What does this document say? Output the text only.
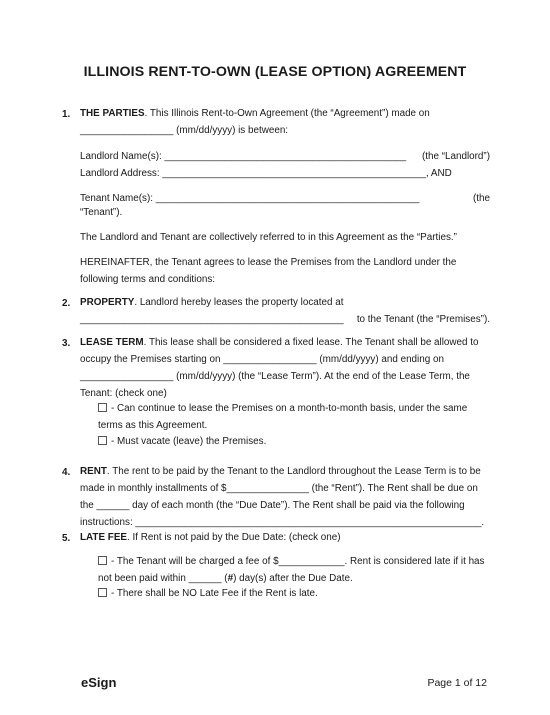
ILLINOIS RENT-TO-OWN (LEASE OPTION) AGREEMENT
1. THE PARTIES. This Illinois Rent-to-Own Agreement (the “Agreement”) made on
_________________ (mm/dd/yyyy) is between:
Landlord Name(s): ____________________________________________ (the “Landlord”)
Landlord Address: ________________________________________________, AND
Tenant Name(s): ________________________________________________	(the
“Tenant”).
The Landlord and Tenant are collectively referred to in this Agreement as the “Parties.”
HEREINAFTER, the Tenant agrees to lease the Premises from the Landlord under the
following terms and conditions:
2. PROPERTY. Landlord hereby leases the property located at
________________________________________________ to the Tenant (the “Premises”).
3. LEASE TERM. This lease shall be considered a fixed lease. The Tenant shall be allowed to
occupy the Premises starting on _________________ (mm/dd/yyyy) and ending on
_________________ (mm/dd/yyyy) (the “Lease Term”). At the end of the Lease Term, the
Tenant: (check one)
- Can continue to lease the Premises on a month-to-month basis, under the same
terms as this Agreement.
- Must vacate (leave) the Premises.
4. RENT. The rent to be paid by the Tenant to the Landlord throughout the Lease Term is to be
made in monthly installments of $_______________ (the “Rent”). The Rent shall be due on
the ______ day of each month (the “Due Date”). The Rent shall be paid via the following
instructions: _______________________________________________________________.
5. LATE FEE. If Rent is not paid by the Due Date: (check one)
- The Tenant will be charged a fee of $____________. Rent is considered late if it has
not been paid within ______ (#) day(s) after the Due Date.
- There shall be NO Late Fee if the Rent is late.
eSign	Page 1 of 12
